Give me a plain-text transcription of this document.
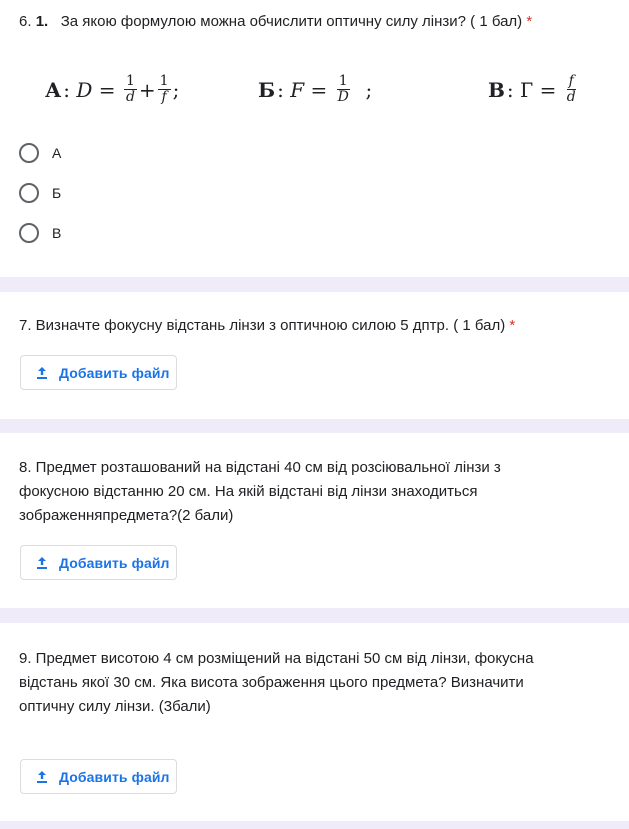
6. 1. За якою формулою можна обчислити оптичну силу лінзи? ( 1 бал) *
А : $D = \frac{1}{d} + \frac{1}{f}$ ;	Б : $F = \frac{1}{D}$ ;	В : $Г = \frac{f}{d}$
А
Б
В
7. Визначте фокусну відстань лінзи з оптичною силою 5 дптр. ( 1 бал) *
Добавить файл
8. Предмет розташований на відстані 40 см від розсіювальної лінзи з
фокусною відстанню 20 см. На якій відстані від лінзи знаходиться
зображенняпредмета?(2 бали)
Добавить файл
9. Предмет висотою 4 см розміщений на відстані 50 см від лінзи, фокусна
відстань якої 30 см. Яка висота зображення цього предмета? Визначити
оптичну силу лінзи. (3бали)
Добавить файл
